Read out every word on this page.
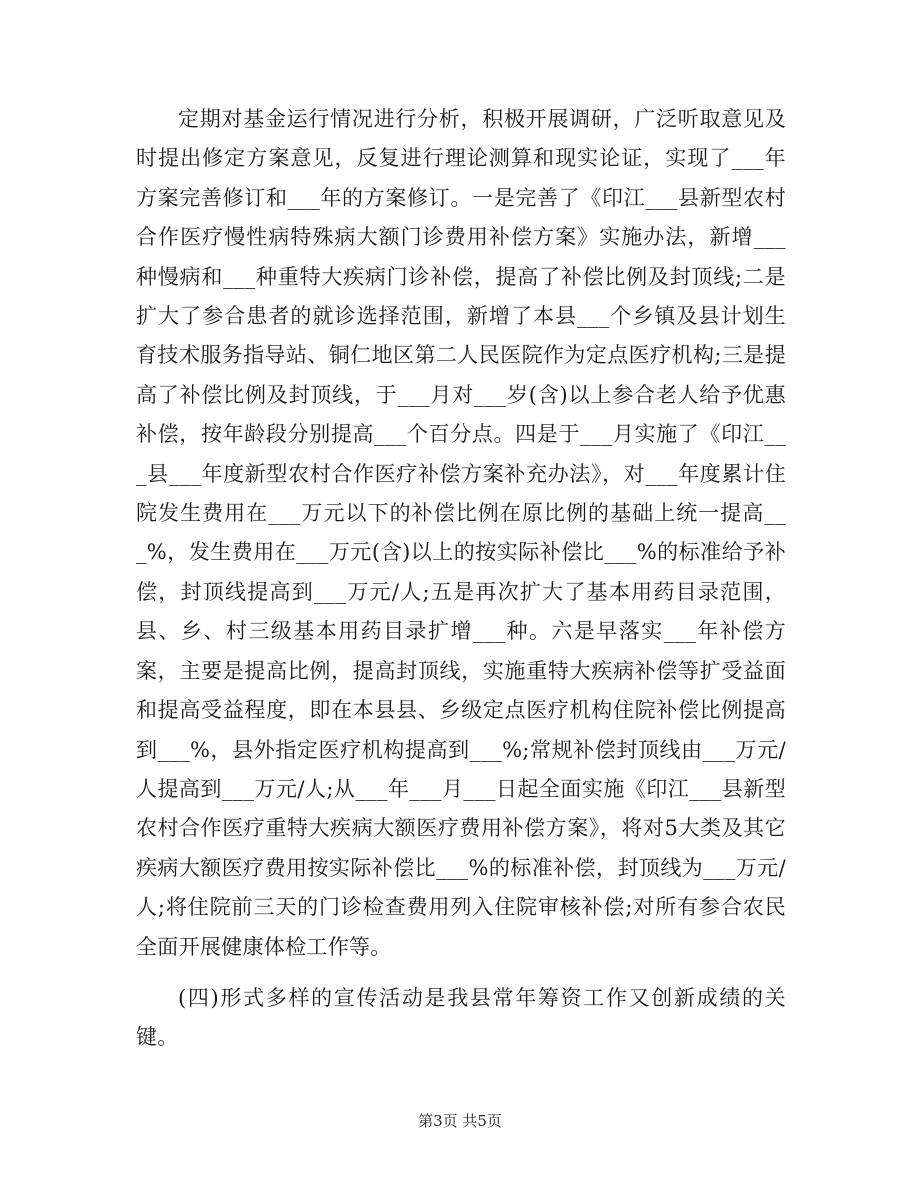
定期对基金运行情况进行分析，积极开展调研，广泛听取意见及时提出修定方案意见，反复进行理论测算和现实论证，实现了___年方案完善修订和___年的方案修订。一是完善了《印江___县新型农村合作医疗慢性病特殊病大额门诊费用补偿方案》实施办法，新增___种慢病和___种重特大疾病门诊补偿，提高了补偿比例及封顶线;二是扩大了参合患者的就诊选择范围，新增了本县___个乡镇及县计划生育技术服务指导站、铜仁地区第二人民医院作为定点医疗机构;三是提高了补偿比例及封顶线，于___月对___岁(含)以上参合老人给予优惠补偿，按年龄段分别提高___个百分点。四是于___月实施了《印江___县___年度新型农村合作医疗补偿方案补充办法》，对___年度累计住院发生费用在___万元以下的补偿比例在原比例的基础上统一提高___%，发生费用在___万元(含)以上的按实际补偿比___%的标准给予补偿，封顶线提高到___万元/人;五是再次扩大了基本用药目录范围，县、乡、村三级基本用药目录扩增___种。六是早落实___年补偿方案，主要是提高比例，提高封顶线，实施重特大疾病补偿等扩受益面和提高受益程度，即在本县县、乡级定点医疗机构住院补偿比例提高到___%，县外指定医疗机构提高到___%;常规补偿封顶线由___万元/人提高到___万元/人;从___年___月___日起全面实施《印江___县新型农村合作医疗重特大疾病大额医疗费用补偿方案》，将对5大类及其它疾病大额医疗费用按实际补偿比___%的标准补偿，封顶线为___万元/人;将住院前三天的门诊检查费用列入住院审核补偿;对所有参合农民全面开展健康体检工作等。

(四)形式多样的宣传活动是我县常年筹资工作又创新成绩的关键。

第3页 共5页
